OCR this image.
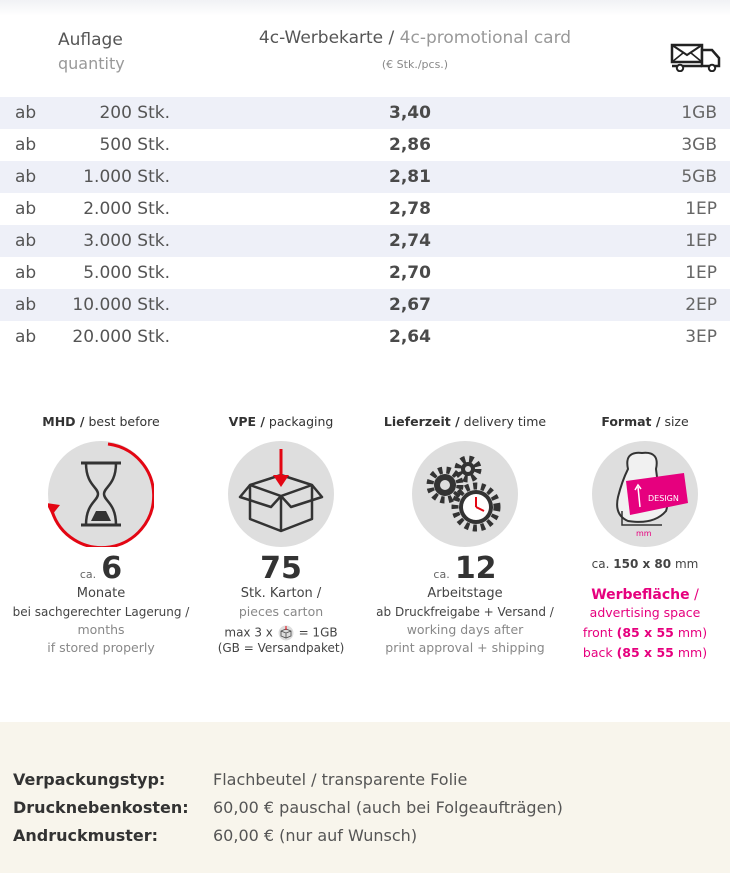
Auflage
quantity
4c-Werbekarte / 4c-promotional card
(€ Stk./pcs.)
ab	200 Stk.	3,40	1GB
ab	500 Stk.	2,86	3GB
ab	1.000 Stk.	2,81	5GB
ab	2.000 Stk.	2,78	1EP
ab	3.000 Stk.	2,74	1EP
ab	5.000 Stk.	2,70	1EP
ab	10.000 Stk.	2,67	2EP
ab	20.000 Stk.	2,64	3EP
MHD / best before
ca. 6
Monate
bei sachgerechter Lagerung /
months
if stored properly
VPE / packaging
75
Stk. Karton /
pieces carton
max 3 x = 1GB
(GB = Versandpaket)
Lieferzeit / delivery time
ca. 12
Arbeitstage
ab Druckfreigabe + Versand /
working days after
print approval + shipping
Format / size
DESIGN
mm
ca. 150 x 80 mm
Werbefläche /
advertising space
front (85 x 55 mm)
back (85 x 55 mm)
Verpackungstyp:	Flachbeutel / transparente Folie
Drucknebenkosten: 60,00 € pauschal (auch bei Folgeaufträgen)
Andruckmuster:	60,00 € (nur auf Wunsch)
